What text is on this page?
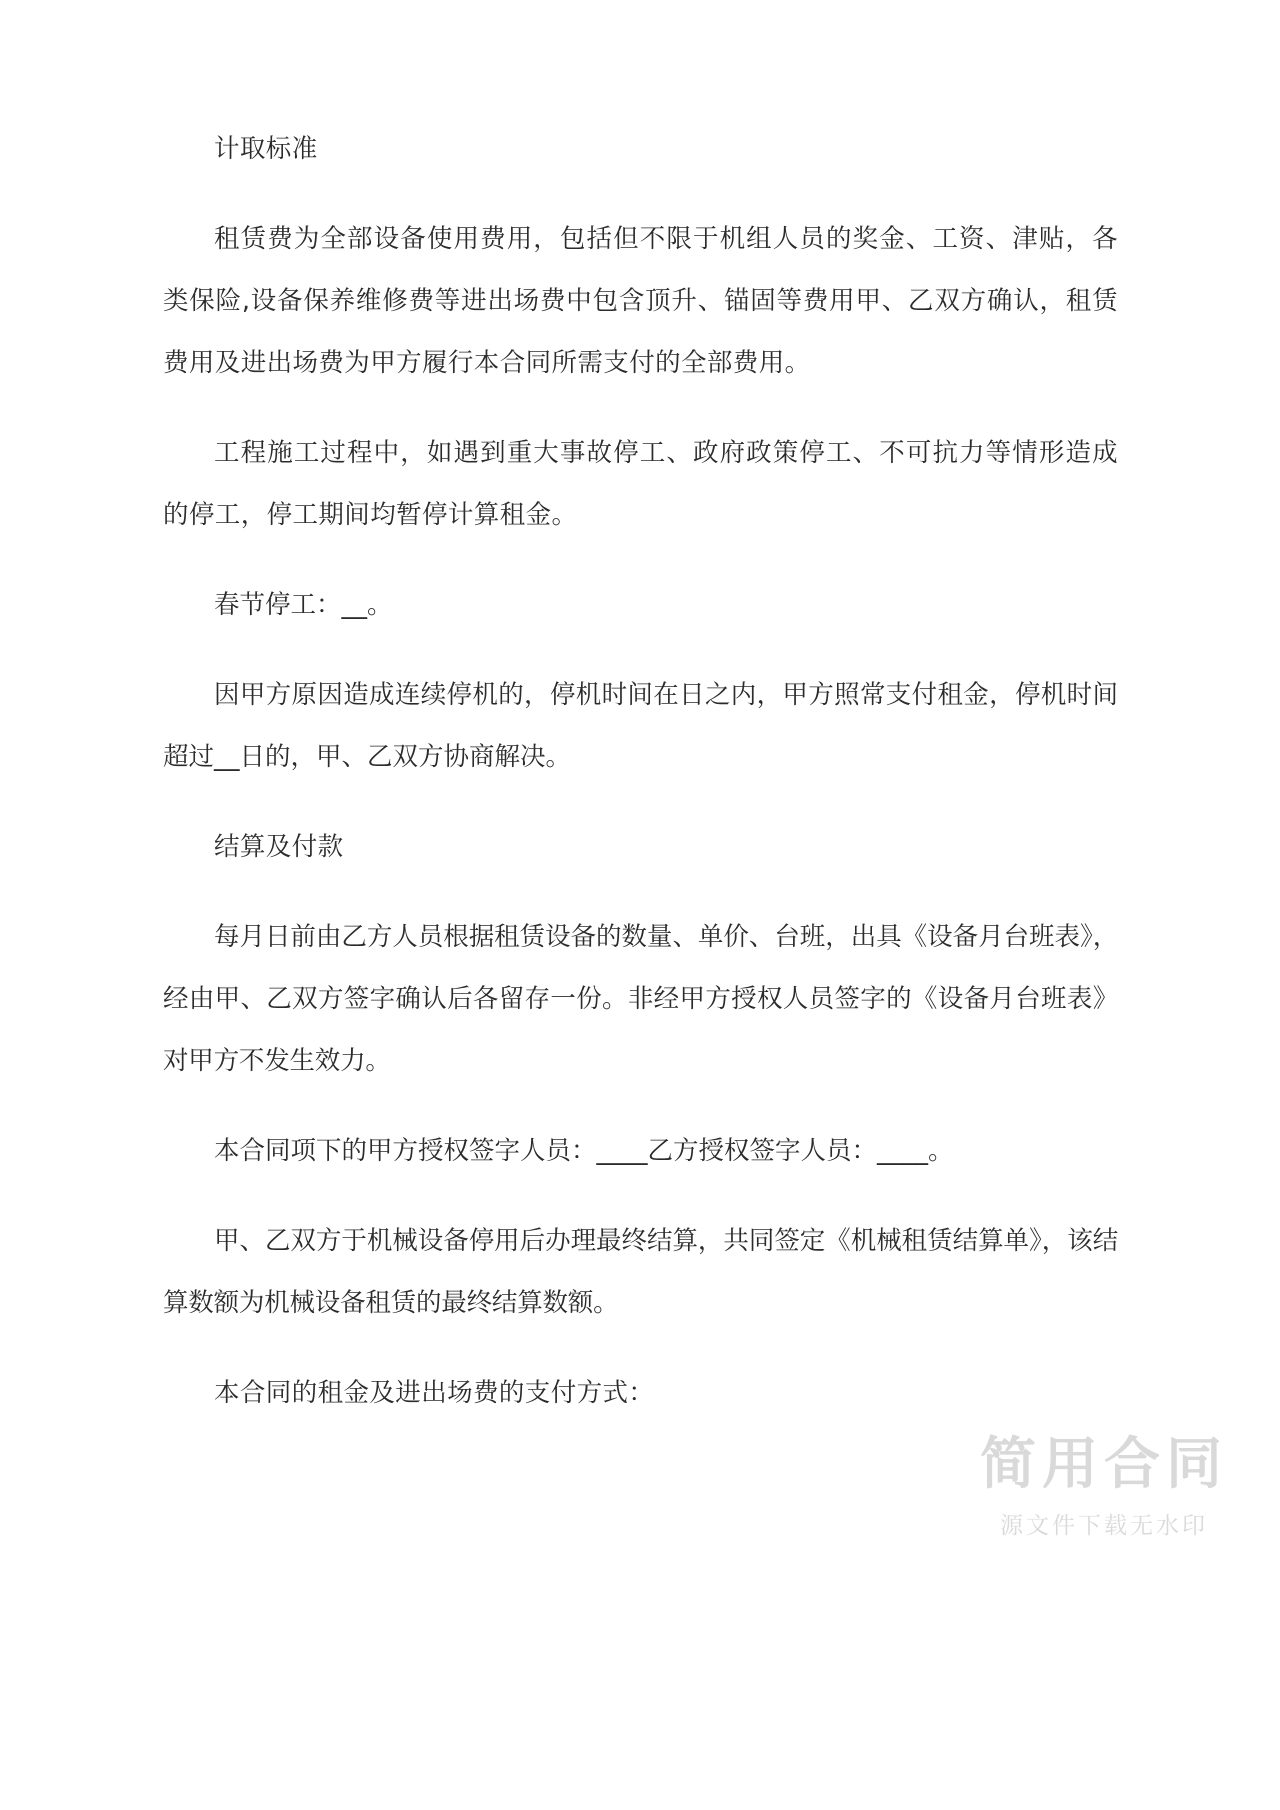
计取标准

租赁费为全部设备使用费用，包括但不限于机组人员的奖金、工资、津贴，各类保险,设备保养维修费等进出场费中包含顶升、锚固等费用甲、乙双方确认，租赁费用及进出场费为甲方履行本合同所需支付的全部费用。

工程施工过程中，如遇到重大事故停工、政府政策停工、不可抗力等情形造成的停工，停工期间均暂停计算租金。

春节停工：__。

因甲方原因造成连续停机的，停机时间在日之内，甲方照常支付租金，停机时间超过__日的，甲、乙双方协商解决。

结算及付款

每月日前由乙方人员根据租赁设备的数量、单价、台班，出具《设备月台班表》，经由甲、乙双方签字确认后各留存一份。非经甲方授权人员签字的《设备月台班表》对甲方不发生效力。

本合同项下的甲方授权签字人员：____乙方授权签字人员：____。

甲、乙双方于机械设备停用后办理最终结算，共同签定《机械租赁结算单》，该结算数额为机械设备租赁的最终结算数额。

本合同的租金及进出场费的支付方式：

简用合同
源文件下载无水印
